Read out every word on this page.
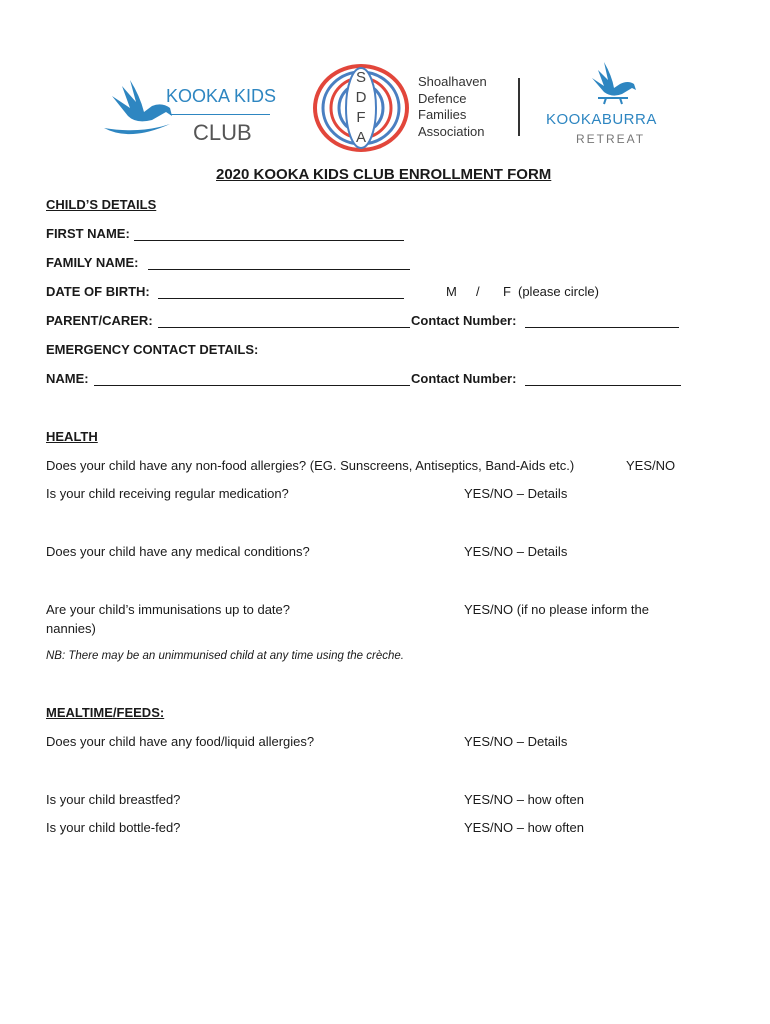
KOOKA KIDS
CLUB
S
D
F
A
Shoalhaven
Defence
Families
Association
KOOKABURRA
RETREAT
2020 KOOKA KIDS CLUB ENROLLMENT FORM
CHILD’S DETAILS
FIRST NAME:
FAMILY NAME:
DATE OF BIRTH:	M / F (please circle)
PARENT/CARER:	Contact Number:
EMERGENCY CONTACT DETAILS:
NAME:	Contact Number:
HEALTH
Does your child have any non-food allergies? (EG. Sunscreens, Antiseptics, Band-Aids etc.)	YES/NO
Is your child receiving regular medication?	YES/NO – Details
Does your child have any medical conditions?	YES/NO – Details
Are your child’s immunisations up to date?	YES/NO (if no please inform the
nannies)
NB: There may be an unimmunised child at any time using the crèche.
MEALTIME/FEEDS:
Does your child have any food/liquid allergies?	YES/NO – Details
Is your child breastfed?	YES/NO – how often
Is your child bottle-fed?	YES/NO – how often
